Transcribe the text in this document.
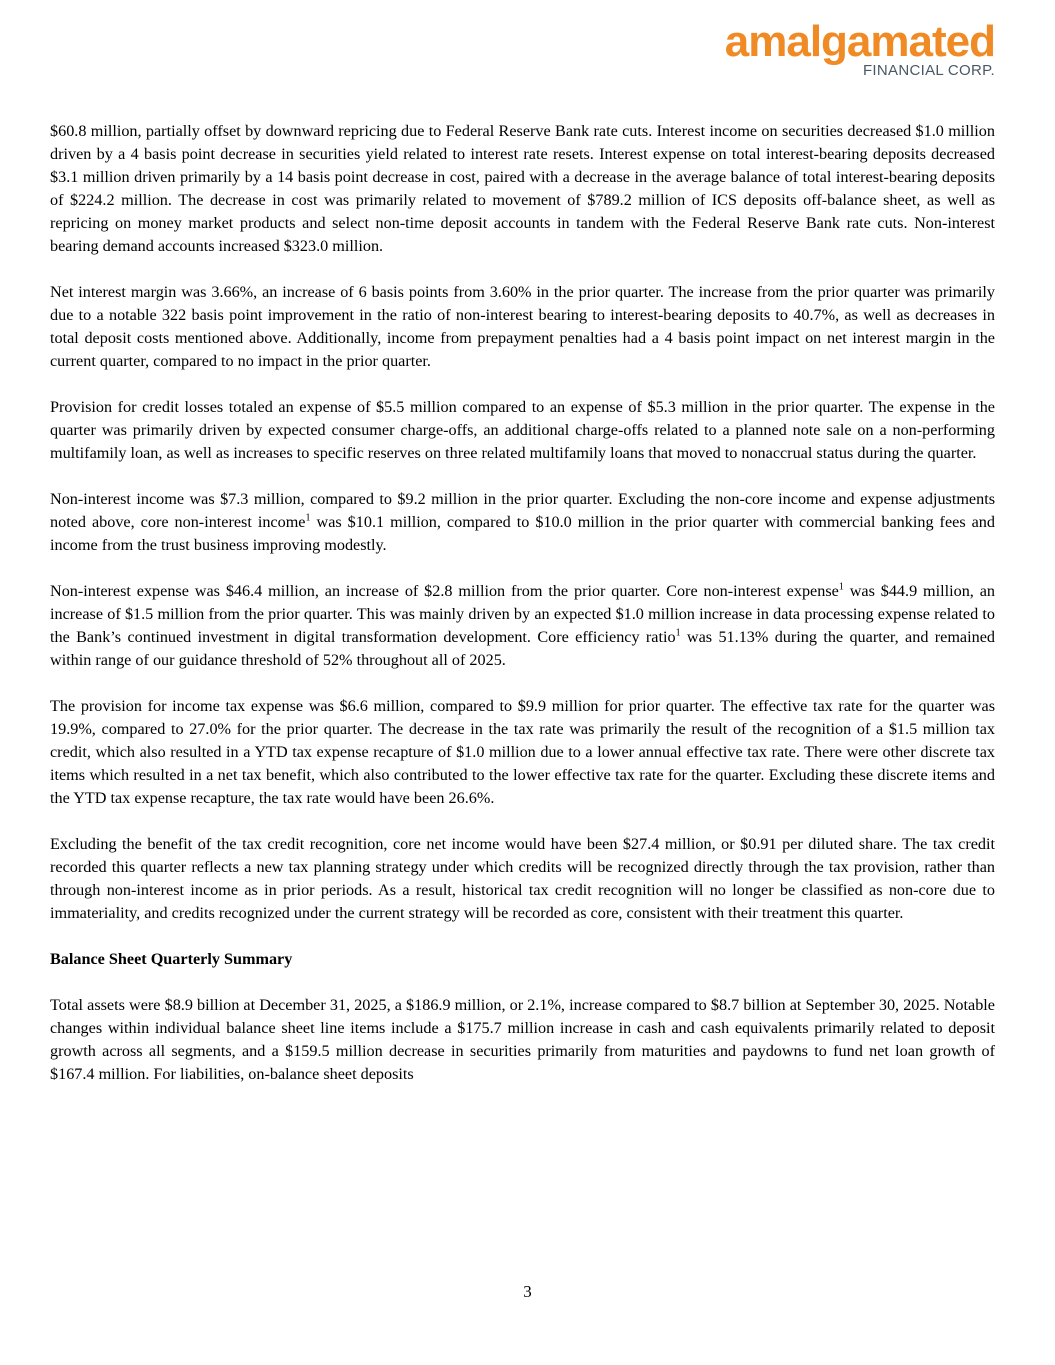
amalgamated
FINANCIAL CORP.

$60.8 million, partially offset by downward repricing due to Federal Reserve Bank rate cuts. Interest income on securities decreased $1.0 million driven by a 4 basis point decrease in securities yield related to interest rate resets. Interest expense on total interest-bearing deposits decreased $3.1 million driven primarily by a 14 basis point decrease in cost, paired with a decrease in the average balance of total interest-bearing deposits of $224.2 million. The decrease in cost was primarily related to movement of $789.2 million of ICS deposits off-balance sheet, as well as repricing on money market products and select non-time deposit accounts in tandem with the Federal Reserve Bank rate cuts. Non-interest bearing demand accounts increased $323.0 million.

Net interest margin was 3.66%, an increase of 6 basis points from 3.60% in the prior quarter. The increase from the prior quarter was primarily due to a notable 322 basis point improvement in the ratio of non-interest bearing to interest-bearing deposits to 40.7%, as well as decreases in total deposit costs mentioned above. Additionally, income from prepayment penalties had a 4 basis point impact on net interest margin in the current quarter, compared to no impact in the prior quarter.

Provision for credit losses totaled an expense of $5.5 million compared to an expense of $5.3 million in the prior quarter. The expense in the quarter was primarily driven by expected consumer charge-offs, an additional charge-offs related to a planned note sale on a non-performing multifamily loan, as well as increases to specific reserves on three related multifamily loans that moved to nonaccrual status during the quarter.

Non-interest income was $7.3 million, compared to $9.2 million in the prior quarter. Excluding the non-core income and expense adjustments noted above, core non-interest income$^1$ was $10.1 million, compared to $10.0 million in the prior quarter with commercial banking fees and income from the trust business improving modestly.

Non-interest expense was $46.4 million, an increase of $2.8 million from the prior quarter. Core non-interest expense$^1$ was $44.9 million, an increase of $1.5 million from the prior quarter. This was mainly driven by an expected $1.0 million increase in data processing expense related to the Bank’s continued investment in digital transformation development. Core efficiency ratio$^1$ was 51.13% during the quarter, and remained within range of our guidance threshold of 52% throughout all of 2025.

The provision for income tax expense was $6.6 million, compared to $9.9 million for prior quarter. The effective tax rate for the quarter was 19.9%, compared to 27.0% for the prior quarter. The decrease in the tax rate was primarily the result of the recognition of a $1.5 million tax credit, which also resulted in a YTD tax expense recapture of $1.0 million due to a lower annual effective tax rate. There were other discrete tax items which resulted in a net tax benefit, which also contributed to the lower effective tax rate for the quarter. Excluding these discrete items and the YTD tax expense recapture, the tax rate would have been 26.6%.

Excluding the benefit of the tax credit recognition, core net income would have been $27.4 million, or $0.91 per diluted share. The tax credit recorded this quarter reflects a new tax planning strategy under which credits will be recognized directly through the tax provision, rather than through non-interest income as in prior periods. As a result, historical tax credit recognition will no longer be classified as non-core due to immateriality, and credits recognized under the current strategy will be recorded as core, consistent with their treatment this quarter.

Balance Sheet Quarterly Summary

Total assets were $8.9 billion at December 31, 2025, a $186.9 million, or 2.1%, increase compared to $8.7 billion at September 30, 2025. Notable changes within individual balance sheet line items include a $175.7 million increase in cash and cash equivalents primarily related to deposit growth across all segments, and a $159.5 million decrease in securities primarily from maturities and paydowns to fund net loan growth of $167.4 million. For liabilities, on-balance sheet deposits

3
